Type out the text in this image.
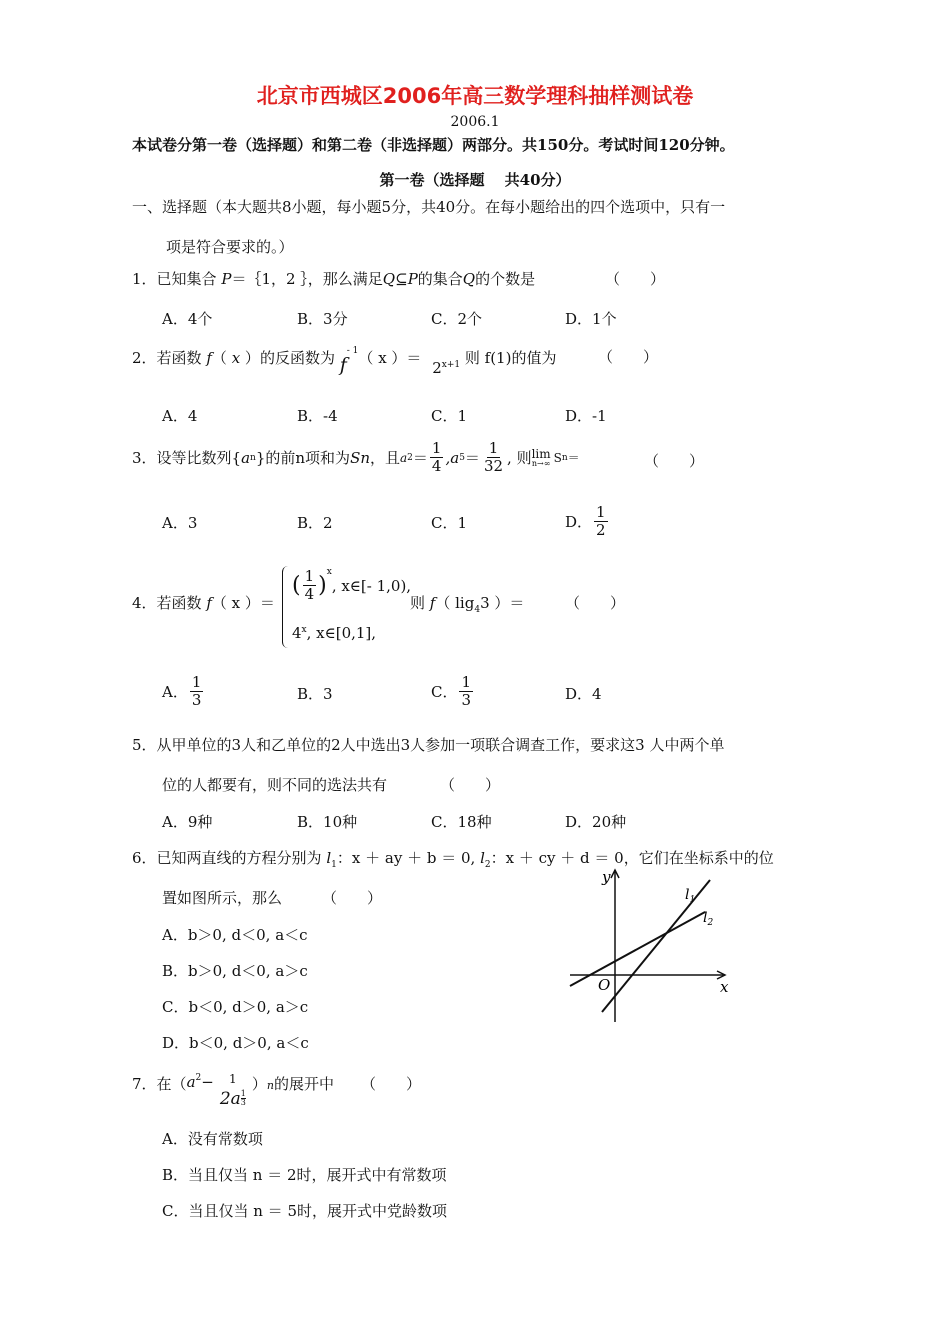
北京市西城区2006年高三数学理科抽样测试卷
2006.1
本试卷分第一卷（选择题）和第二卷（非选择题）两部分。共150分。考试时间120分钟。
第一卷（选择题　 共40分）
一、选择题（本大题共8小题，每小题5分，共40分。在每小题给出的四个选项中，只有一
项是符合要求的。）
1．已知集合 P＝｛1，2 ｝，那么满足Q⊆P的集合Q的个数是	（　　）
A．4个	B．3分	C．2个	D．1个
2．若函数 f（ x ）的反函数为 $f^{- 1}$（ x ）＝ $2^{x+1}$ 则 f(1)的值为	（　　）
A．4	B．-4	C．1	D．-1
3． 设等比数列{ a n }的前n项和为 Sn ，且 a $2 = \frac{1}{4} ,a$ $5 = \frac{1}{32}$ , 则 lim
n→∞ S n ＝	（　　）
A．3	B．2	C．1	D． $\frac{1}{2}$
4．若函数 f（ x ）＝
( $\frac{1}{4}$ )
$^x$
, x∈[- 1,0),
4$^x$, x∈[0,1],
则 f（ lig$_4$3 ）＝	（　　）
A． $\frac{1}{3}$	B．3	C． $\frac{1}{3}$	D．4
5．从甲单位的3人和乙单位的2人中选出3人参加一项联合调查工作，要求这3 人中两个单
位的人都要有，则不同的选法共有	（　　）
A．9种	B．10种	C．18种	D．20种
6．已知两直线的方程分别为 $l_1$：x ＋ ay ＋ b ＝ 0, $l_2$：x ＋ cy ＋ d ＝ 0，它们在坐标系中的位
置如图所示，那么	（　　）
A．b＞0, d＜0, a＜c
B．b＞0, d＜0, a＞c
C．b＜0, d＞0, a＞c
D．b＜0, d＞0, a＜c
y
x
O
$l_1$
$l_2$
7． 在（ $a^2 - 1$
2a 1
3
） n 的展开中 （　　）
A．没有常数项
B．当且仅当 n ＝ 2时，展开式中有常数项
C．当且仅当 n ＝ 5时，展开式中党龄数项
